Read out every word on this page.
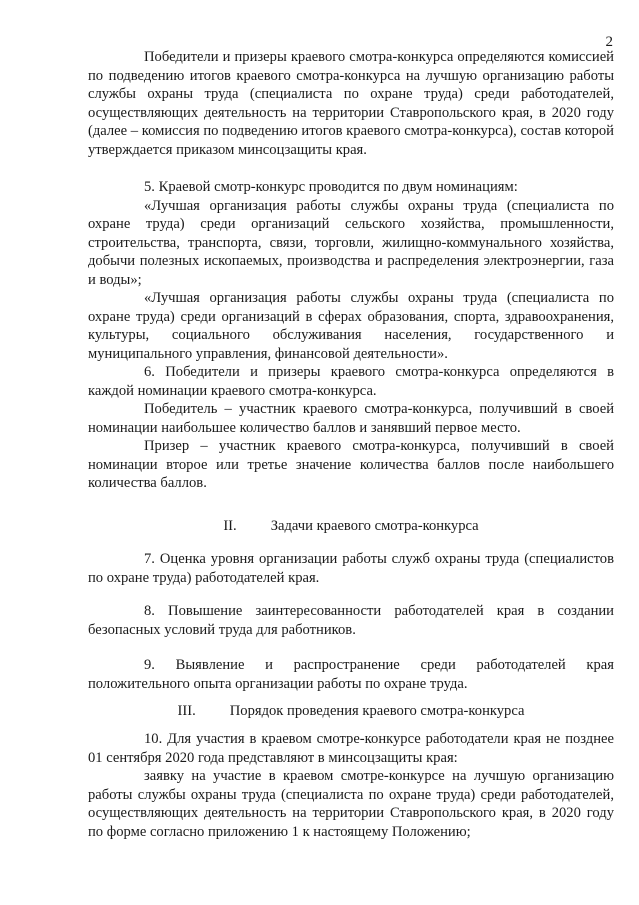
2

Победители и призеры краевого смотра-конкурса определяются комиссией по подведению итогов краевого смотра-конкурса на лучшую организацию работы службы охраны труда (специалиста по охране труда) среди работодателей, осуществляющих деятельность на территории Ставропольского края, в 2020 году (далее – комиссия по подведению итогов краевого смотра-конкурса), состав которой утверждается приказом минсоцзащиты края.

5. Краевой смотр-конкурс проводится по двум номинациям:

«Лучшая организация работы службы охраны труда (специалиста по охране труда) среди организаций сельского хозяйства, промышленности, строительства, транспорта, связи, торговли, жилищно-коммунального хозяйства, добычи полезных ископаемых, производства и распределения электроэнергии, газа и воды»;

«Лучшая организация работы службы охраны труда (специалиста по охране труда) среди организаций в сферах образования, спорта, здравоохранения, культуры, социального обслуживания населения, государственного и муниципального управления, финансовой деятельности».

6. Победители и призеры краевого смотра-конкурса определяются в каждой номинации краевого смотра-конкурса.

Победитель – участник краевого смотра-конкурса, получивший в своей номинации наибольшее количество баллов и занявший первое место.

Призер – участник краевого смотра-конкурса, получивший в своей номинации второе или третье значение количества баллов после наибольшего количества баллов.

II. Задачи краевого смотра-конкурса

7. Оценка уровня организации работы служб охраны труда (специалистов по охране труда) работодателей края.

8. Повышение заинтересованности работодателей края в создании безопасных условий труда для работников.

9. Выявление и распространение среди работодателей края положительного опыта организации работы по охране труда.

III. Порядок проведения краевого смотра-конкурса

10. Для участия в краевом смотре-конкурсе работодатели края не позднее 01 сентября 2020 года представляют в минсоцзащиты края:

заявку на участие в краевом смотре-конкурсе на лучшую организацию работы службы охраны труда (специалиста по охране труда) среди работодателей, осуществляющих деятельность на территории Ставропольского края, в 2020 году по форме согласно приложению 1 к настоящему Положению;
